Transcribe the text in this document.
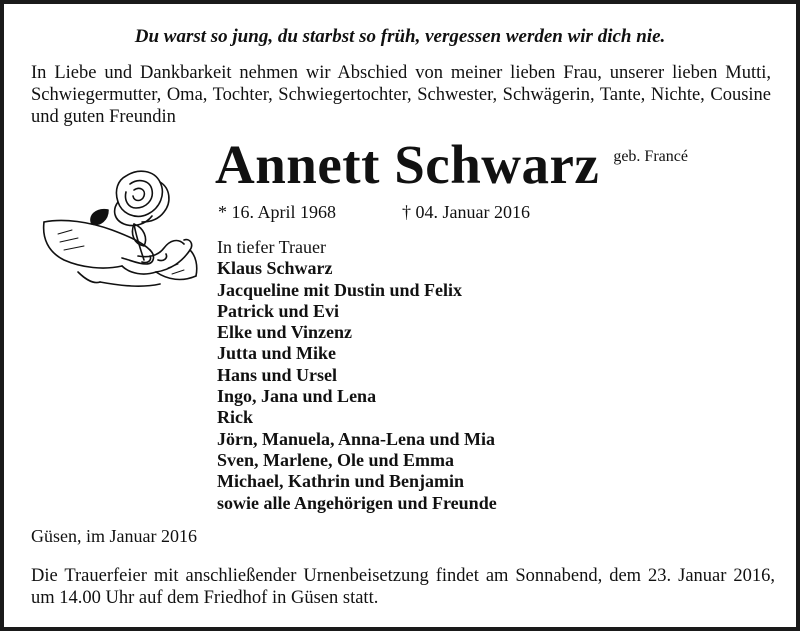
Du warst so jung, du starbst so früh, vergessen werden wir dich nie.
In Liebe und Dankbarkeit nehmen wir Abschied von meiner lieben Frau, unserer lieben Mutti, Schwiegermutter, Oma, Tochter, Schwiegertochter, Schwester, Schwägerin, Tante, Nichte, Cousine und guten Freundin
Annett Schwarz geb. Francé
* 16. April 1968	† 04. Januar 2016
In tiefer Trauer
Klaus Schwarz
Jacqueline mit Dustin und Felix
Patrick und Evi
Elke und Vinzenz
Jutta und Mike
Hans und Ursel
Ingo, Jana und Lena
Rick
Jörn, Manuela, Anna-Lena und Mia
Sven, Marlene, Ole und Emma
Michael, Kathrin und Benjamin
sowie alle Angehörigen und Freunde
Güsen, im Januar 2016
Die Trauerfeier mit anschließender Urnenbeisetzung findet am Sonnabend, dem 23. Januar 2016, um 14.00 Uhr auf dem Friedhof in Güsen statt.
